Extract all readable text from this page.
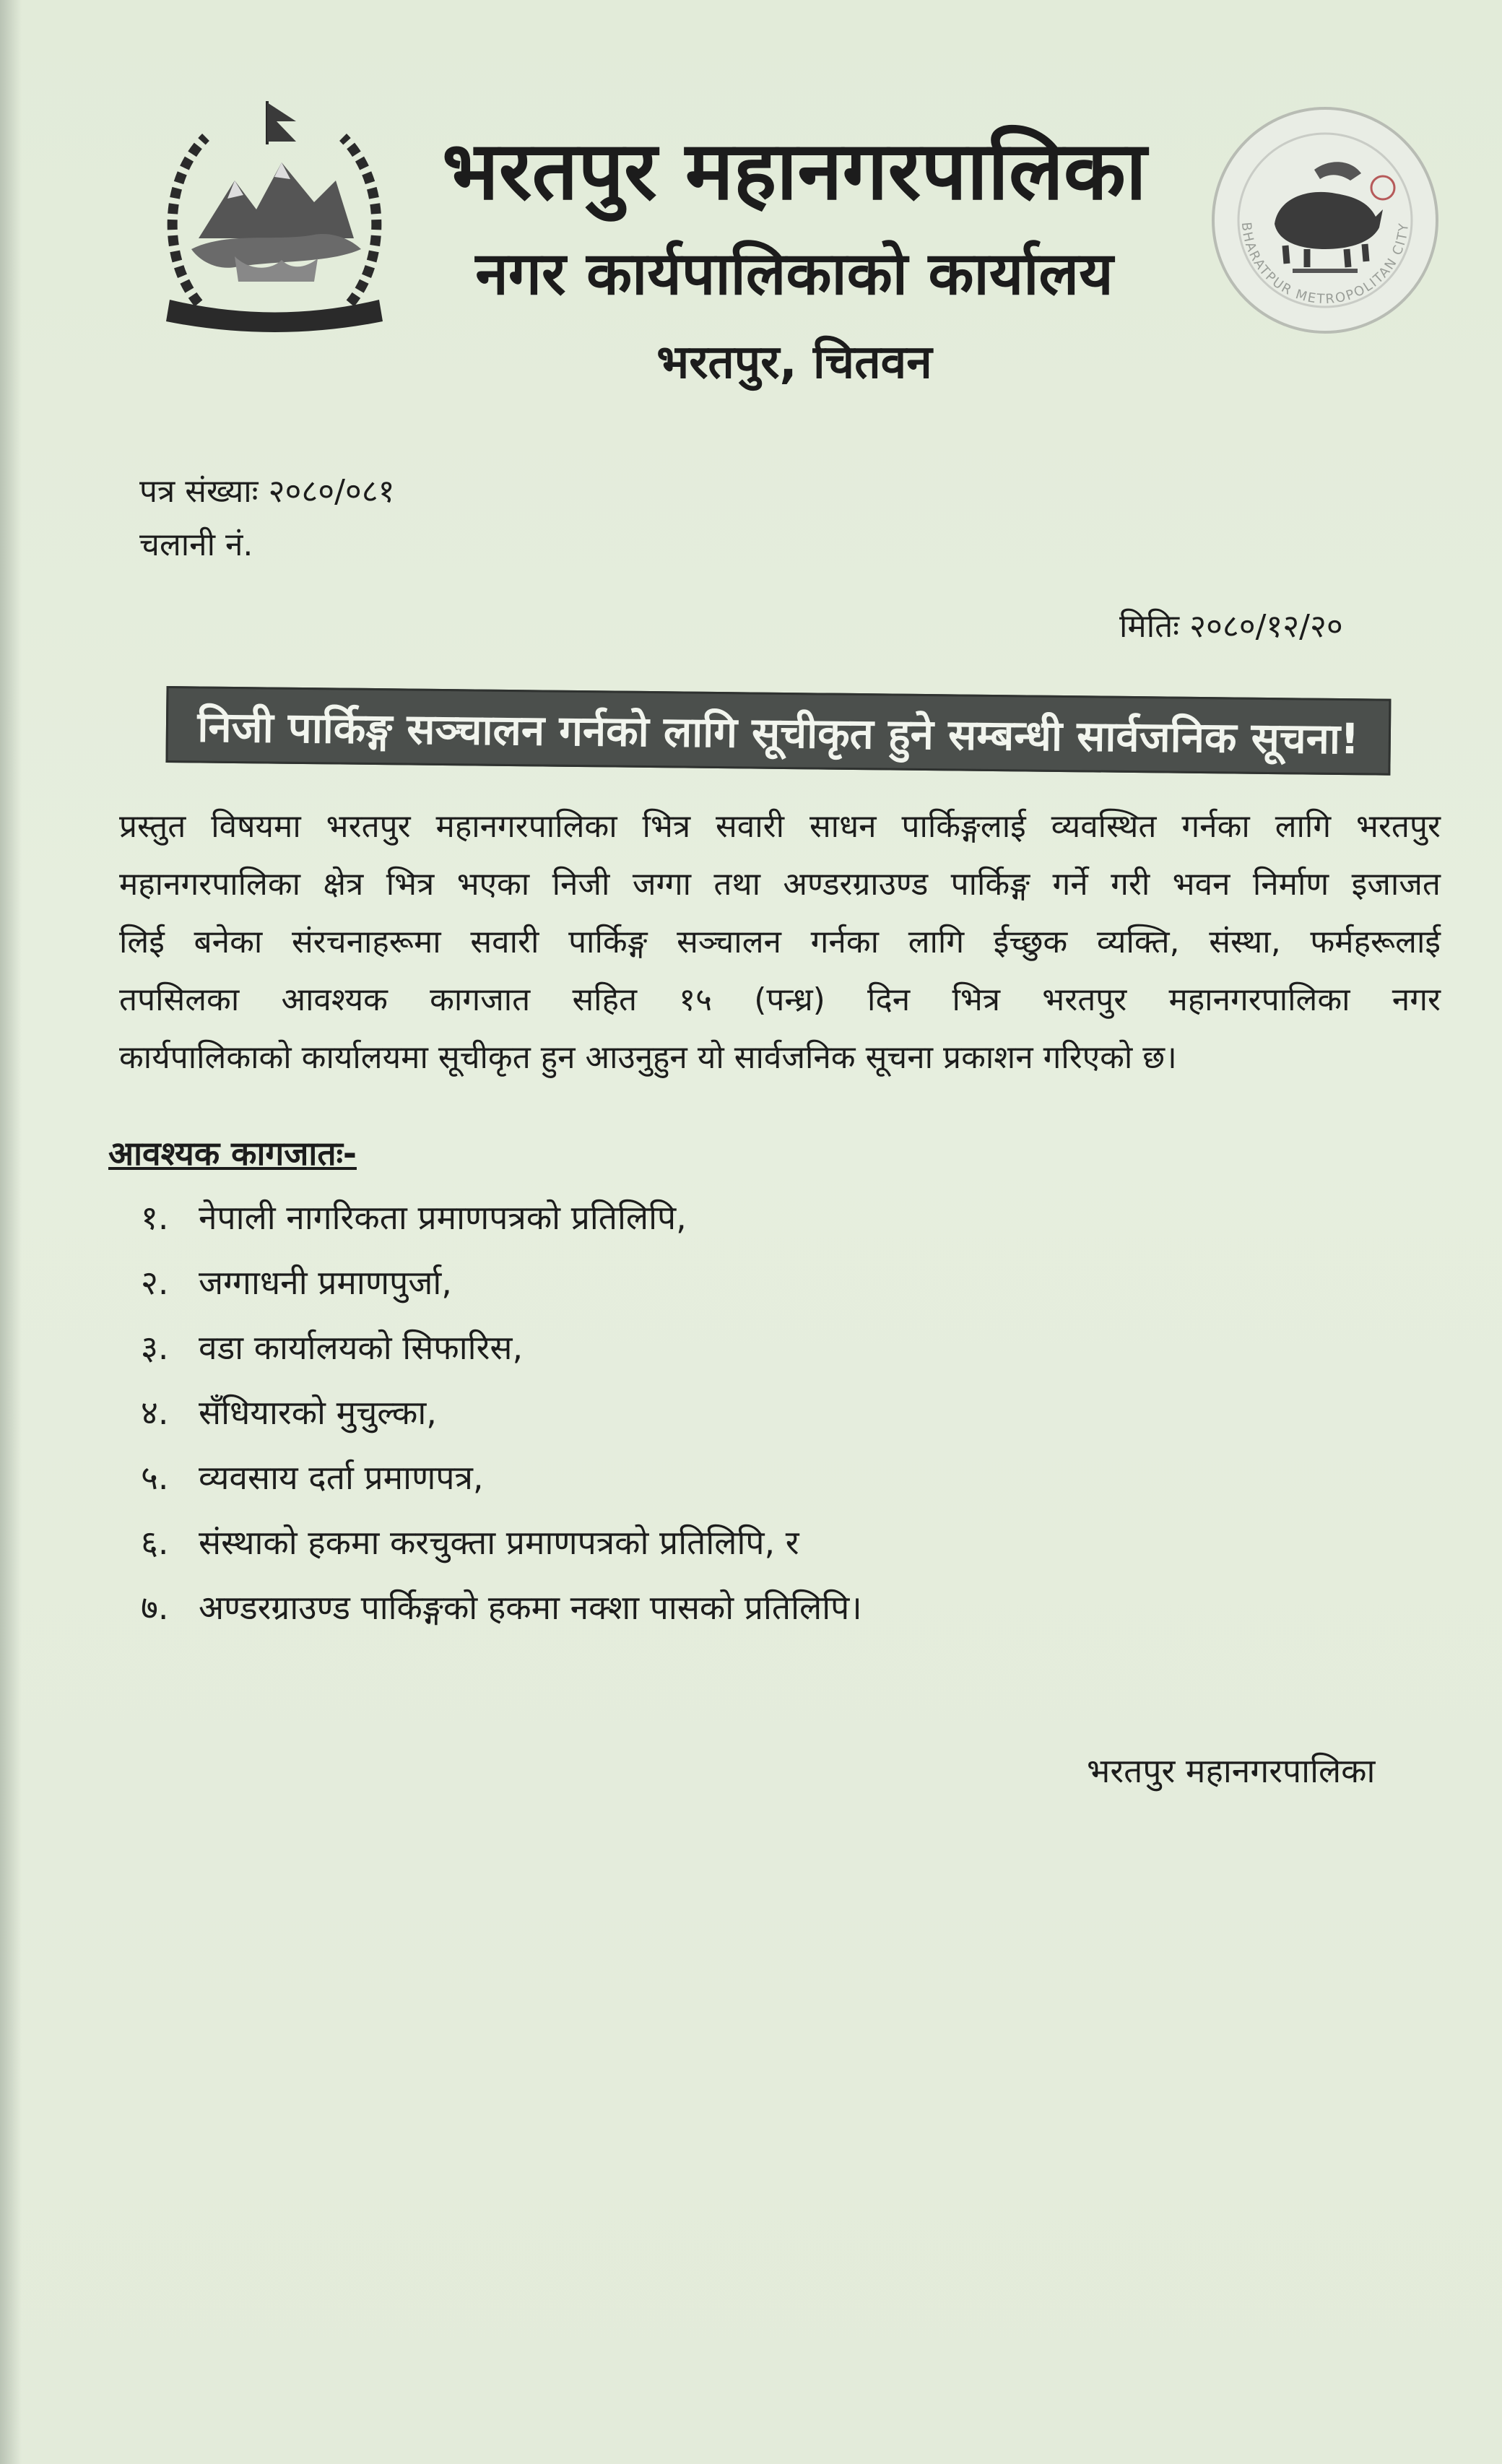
BHARATPUR METROPOLITAN CITY
भरतपुर महानगरपालिका
नगर कार्यपालिकाको कार्यालय
भरतपुर, चितवन
पत्र संख्याः २०८०/०८१
चलानी नं.
मितिः २०८०/१२/२०
निजी पार्किङ्ग सञ्चालन गर्नको लागि सूचीकृत हुने सम्बन्धी सार्वजनिक सूचना!
प्रस्तुत विषयमा भरतपुर महानगरपालिका भित्र सवारी साधन पार्किङ्गलाई व्यवस्थित गर्नका लागि भरतपुर
महानगरपालिका क्षेत्र भित्र भएका निजी जग्गा तथा अण्डरग्राउण्ड पार्किङ्ग गर्ने गरी भवन निर्माण इजाजत
लिई बनेका संरचनाहरूमा सवारी पार्किङ्ग सञ्चालन गर्नका लागि ईच्छुक व्यक्ति, संस्था, फर्महरूलाई
तपसिलका आवश्यक कागजात सहित १५ (पन्ध्र) दिन भित्र भरतपुर महानगरपालिका नगर
कार्यपालिकाको कार्यालयमा सूचीकृत हुन आउनुहुन यो सार्वजनिक सूचना प्रकाशन गरिएको छ।
आवश्यक कागजातः-
१. नेपाली नागरिकता प्रमाणपत्रको प्रतिलिपि,
२. जग्गाधनी प्रमाणपुर्जा,
३. वडा कार्यालयको सिफारिस,
४. सँधियारको मुचुल्का,
५. व्यवसाय दर्ता प्रमाणपत्र,
६. संस्थाको हकमा करचुक्ता प्रमाणपत्रको प्रतिलिपि, र
७. अण्डरग्राउण्ड पार्किङ्गको हकमा नक्शा पासको प्रतिलिपि।
भरतपुर महानगरपालिका
